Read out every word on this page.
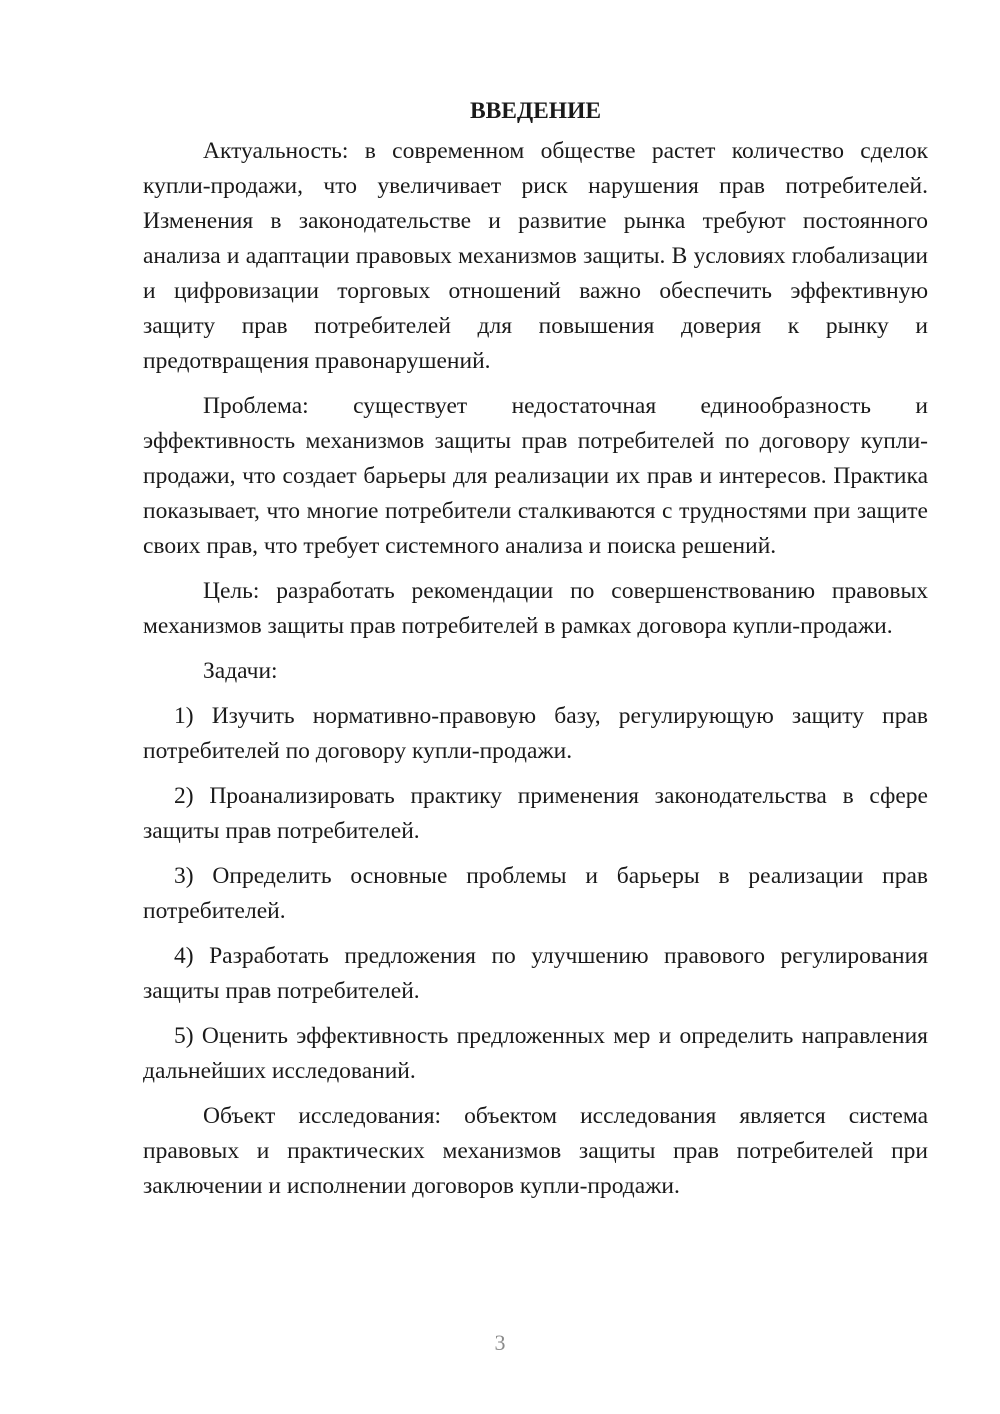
ВВЕДЕНИЕ

Актуальность: в современном обществе растет количество сделок купли-продажи, что увеличивает риск нарушения прав потребителей. Изменения в законодательстве и развитие рынка требуют постоянного анализа и адаптации правовых механизмов защиты. В условиях глобализации и цифровизации торговых отношений важно обеспечить эффективную защиту прав потребителей для повышения доверия к рынку и предотвращения правонарушений.

Проблема: существует недостаточная единообразность и эффективность механизмов защиты прав потребителей по договору купли-продажи, что создает барьеры для реализации их прав и интересов. Практика показывает, что многие потребители сталкиваются с трудностями при защите своих прав, что требует системного анализа и поиска решений.

Цель: разработать рекомендации по совершенствованию правовых механизмов защиты прав потребителей в рамках договора купли-продажи.

Задачи:

1) Изучить нормативно-правовую базу, регулирующую защиту прав потребителей по договору купли-продажи.

2) Проанализировать практику применения законодательства в сфере защиты прав потребителей.

3) Определить основные проблемы и барьеры в реализации прав потребителей.

4) Разработать предложения по улучшению правового регулирования защиты прав потребителей.

5) Оценить эффективность предложенных мер и определить направления дальнейших исследований.

Объект исследования: объектом исследования является система правовых и практических механизмов защиты прав потребителей при заключении и исполнении договоров купли-продажи.

3
